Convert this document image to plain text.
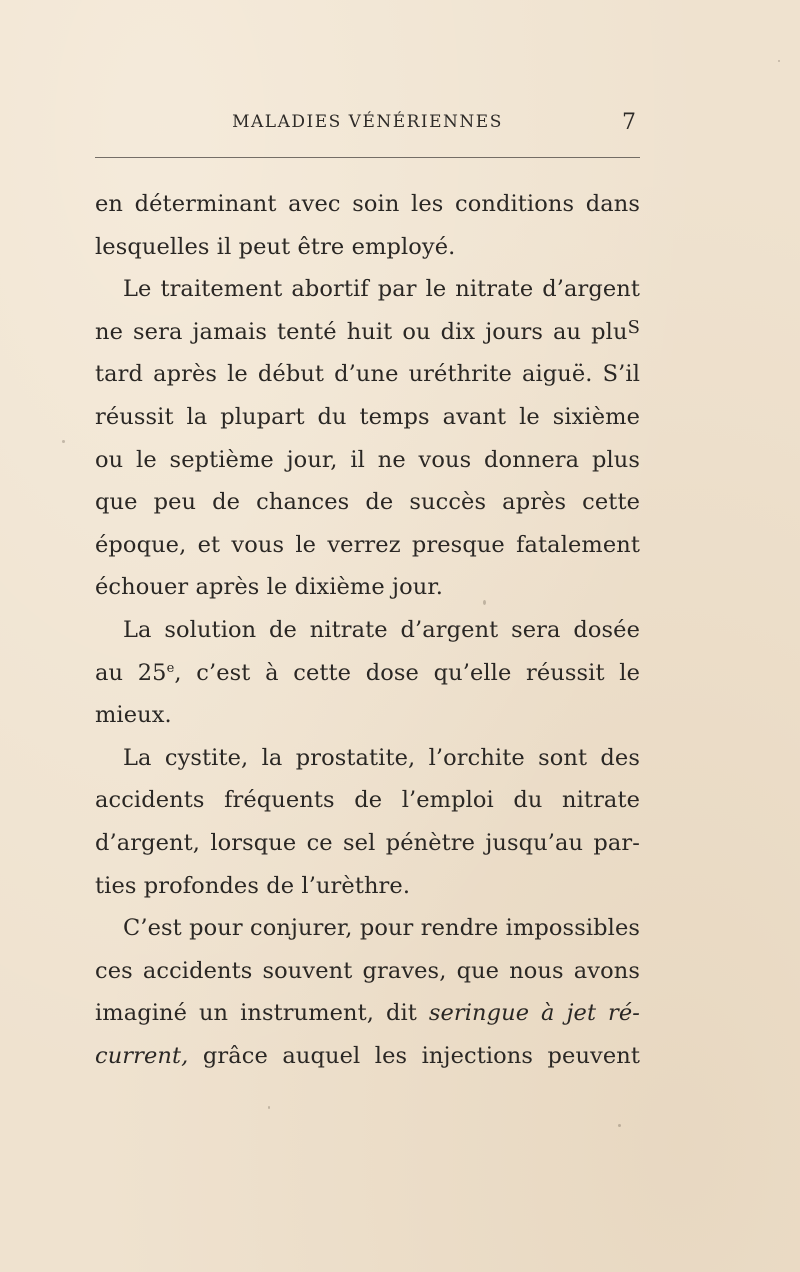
MALADIES VÉNÉRIENNES	7
en déterminant avec soin les conditions dans
lesquelles il peut être employé.
Le traitement abortif par le nitrate d’argent
ne sera jamais tenté huit ou dix jours au plu$^S$
tard après le début d’une uréthrite aiguë. S’il
réussit la plupart du temps avant le sixième
ou le septième jour, il ne vous donnera plus
que peu de chances de succès après cette
époque, et vous le verrez presque fatalement
échouer après le dixième jour.
La solution de nitrate d’argent sera dosée
au 25e, c’est à cette dose qu’elle réussit le
mieux.
La cystite, la prostatite, l’orchite sont des
accidents fréquents de l’emploi du nitrate
d’argent, lorsque ce sel pénètre jusqu’au par-
ties profondes de l’urèthre.
C’est pour conjurer, pour rendre impossibles
ces accidents souvent graves, que nous avons
imaginé un instrument, dit seringue à jet ré-
current, grâce auquel les injections peuvent
